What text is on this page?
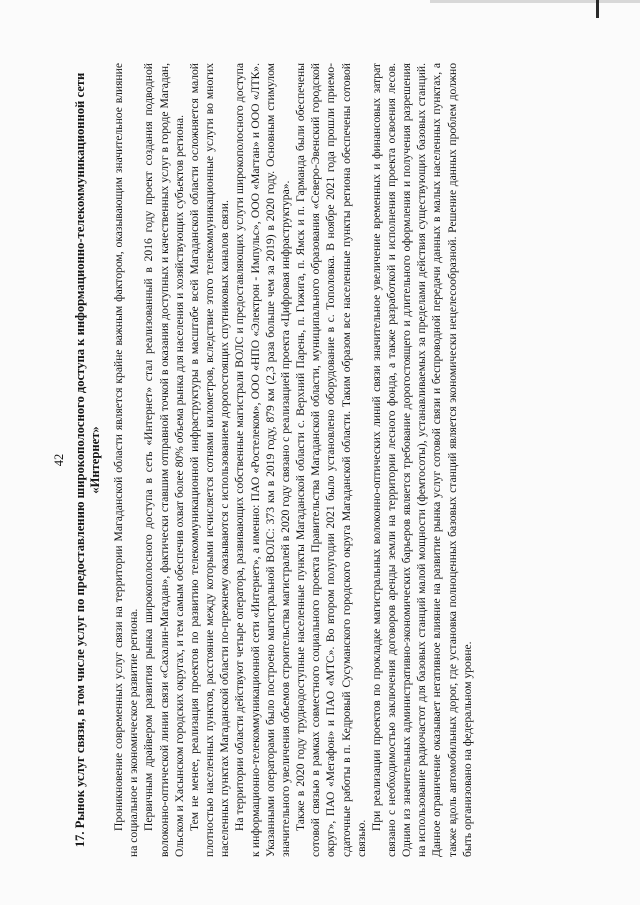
42 17. Рынок услуг связи, в том числе услуг по предоставлению широкополосного доступа к информационно-телекоммуникационной сети «Интернет» Проникновение современных услуг связи на территории Магаданской области является крайне важным фактором, оказывающим значительное влияние на социальное и экономическое развитие региона. Первичным драйвером развития рынка широкополосного доступа в сеть «Интернет» стал реализованный в 2016 году проект создания подводной волоконно-оптической линии связи «Сахалин-Магадан», фактически ставшим отправной точкой в оказания доступных и качественных услуг в городе Магадан, Ольском и Хасынском городских округах, и тем самым обеспечив охват более 80% объема рынка для населения и хозяйствующих субъектов региона. Тем не менее, реализация проектов по развитию телекоммуникационной инфраструктуры в масштабе всей Магаданской области осложняется малой плотностью населенных пунктов, расстояние между которыми исчисляется сотнями километров, вследствие этого телекоммуникационные услуги во многих населенных пунктах Магаданской области по-прежнему оказываются с использованием дорогостоящих спутниковых каналов связи. На территории области действуют четыре оператора, развивающих собственные магистрали ВОЛС и предоставляющих услуги широкополосного доступа к информационно-телекоммуникационной сети «Интернет», а именно: ПАО «Ростелеком», ООО «НПО «Электрон - Импульс», ООО «Магтан» и ООО «ЛТК». Указанными операторами было построено магистральной ВОЛС: 373 км в 2019 году, 879 км (2,3 раза больше чем за 2019) в 2020 году. Основным стимулом значительного увеличения объемов строительства магистралей в 2020 году связано с реализацией проекта «Цифровая инфраструктура». Также в 2020 году труднодоступные населенные пункты Магаданской области с. Верхний Парень, п. Гижига, п. Ямск и п. Гарманда были обеспечены сотовой связью в рамках совместного социального проекта Правительства Магаданской области, муниципального образования «Северо-Эвенский городской округ», ПАО «Мегафон» и ПАО «МТС». Во втором полугодии 2021 было установлено оборудование в с. Тополовка. В ноябре 2021 года прошли приемо-сдаточные работы в п. Кедровый Сусуманского городского округа Магаданской области. Таким образом все населенные пункты региона обеспечены сотовой связью.

При реализации проектов по прокладке магистральных волоконно-оптических линий связи значительное увеличение временных и финансовых затрат связано с необходимостью заключения договоров аренды земли на территории лесного фонда, а также разработкой и исполнения проекта освоения лесов. Одним из значительных административно-экономических барьеров является требование дорогостоящего и длительного оформления и получения разрешения на использование радиочастот для базовых станций малой мощности (фемтосоты), устанавливаемых за пределами действия существующих базовых станций. Данное ограничение оказывает негативное влияние на развитие рынка услуг сотовой связи и беспроводной передачи данных в малых населенных пунктах, а также вдоль автомобильных дорог, где установка полноценных базовых станций является экономически нецелесообразной. Решение данных проблем должно быть организовано на федеральном уровне.
